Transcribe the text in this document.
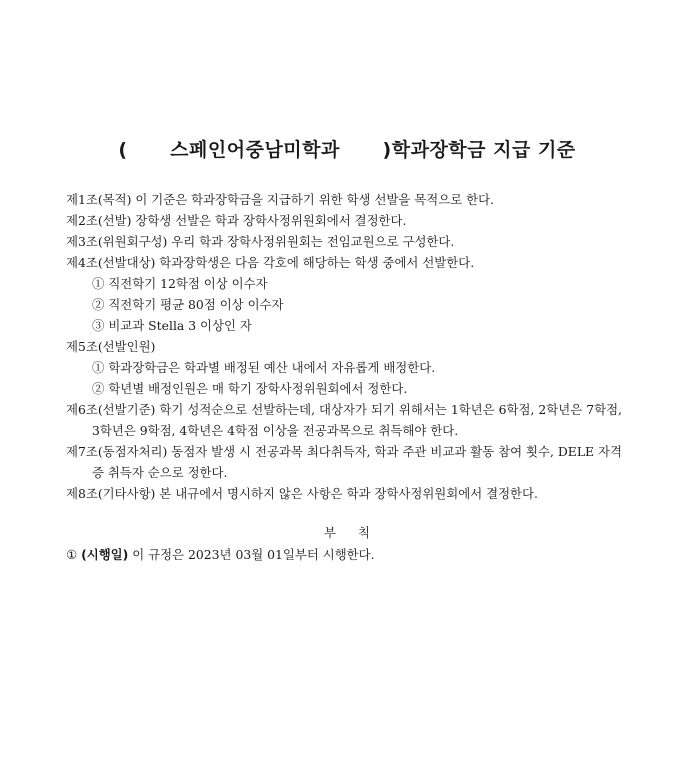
(      스페인어중남미학과      )학과장학금 지급 기준
제1조(목적) 이 기준은 학과장학금을 지급하기 위한 학생 선발을 목적으로 한다.
제2조(선발) 장학생 선발은 학과 장학사정위원회에서 결정한다.
제3조(위원회구성) 우리 학과 장학사정위원회는 전임교원으로 구성한다.
제4조(선발대상) 학과장학생은 다음 각호에 해당하는 학생 중에서 선발한다.
① 직전학기 12학점 이상 이수자
② 직전학기 평균 80점 이상 이수자
③ 비교과 Stella 3 이상인 자
제5조(선발인원)
① 학과장학금은 학과별 배정된 예산 내에서 자유롭게 배정한다.
② 학년별 배정인원은 매 학기 장학사정위원회에서 정한다.
제6조(선발기준) 학기 성적순으로 선발하는데, 대상자가 되기 위해서는 1학년은 6학점, 2학년은 7학점, 3학년은 9학점, 4학년은 4학점 이상을 전공과목으로 취득해야 한다.
제7조(동점자처리) 동점자 발생 시 전공과목 최다취득자, 학과 주관 비교과 활동 참여 횟수, DELE 자격증 취득자 순으로 정한다.
제8조(기타사항) 본 내규에서 명시하지 않은 사항은 학과 장학사정위원회에서 결정한다.
부칙
① (시행일) 이 규정은 2023년 03월 01일부터 시행한다.
